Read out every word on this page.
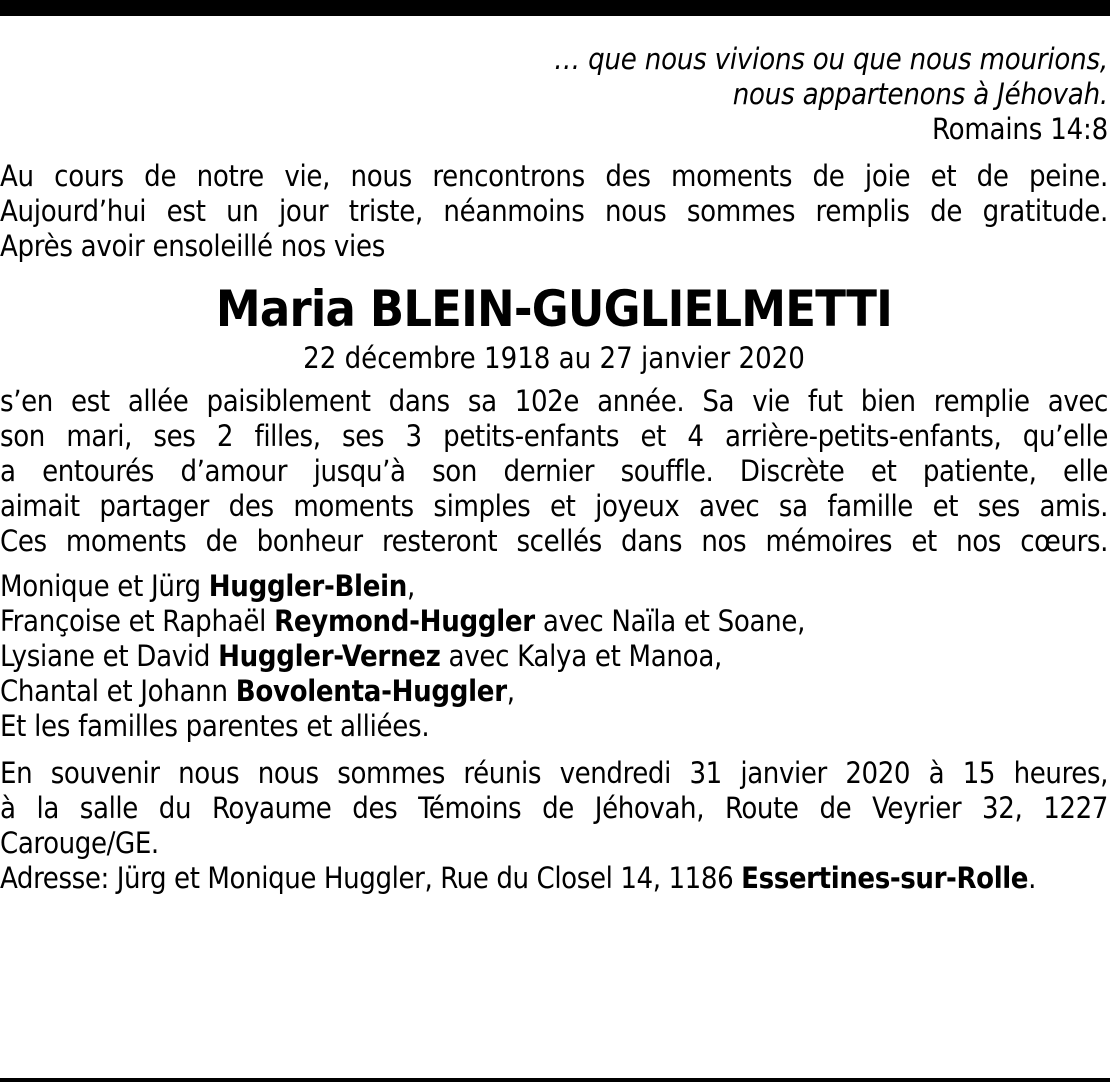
… que nous vivions ou que nous mourions,

nous appartenons à Jéhovah.

Romains 14:8

Au cours de notre vie, nous rencontrons des moments de joie et de peine.

Aujourd’hui est un jour triste, néanmoins nous sommes remplis de gratitude.

Après avoir ensoleillé nos vies

Maria BLEIN-GUGLIELMETTI
22 décembre 1918 au 27 janvier 2020

s’en est allée paisiblement dans sa 102e année. Sa vie fut bien remplie avec

son mari, ses 2 filles, ses 3 petits-enfants et 4 arrière-petits-enfants, qu’elle

a entourés d’amour jusqu’à son dernier souffle. Discrète et patiente, elle

aimait partager des moments simples et joyeux avec sa famille et ses amis.

Ces moments de bonheur resteront scellés dans nos mémoires et nos cœurs.

Monique et Jürg Huggler-Blein,

Françoise et Raphaël Reymond-Huggler avec Naïla et Soane,

Lysiane et David Huggler-Vernez avec Kalya et Manoa,

Chantal et Johann Bovolenta-Huggler,

Et les familles parentes et alliées.

En souvenir nous nous sommes réunis vendredi 31 janvier 2020 à 15 heures,

à la salle du Royaume des Témoins de Jéhovah, Route de Veyrier 32, 1227

Carouge/GE.

Adresse: Jürg et Monique Huggler, Rue du Closel 14, 1186 Essertines-sur-Rolle.
